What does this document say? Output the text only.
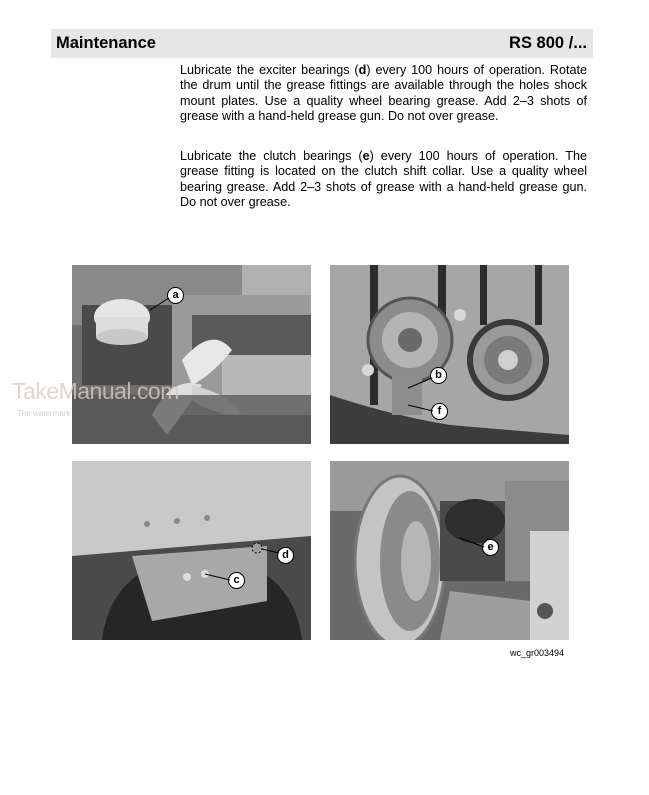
Maintenance	RS 800 /...

Lubricate the exciter bearings (d) every 100 hours of operation. Rotate the drum until the grease fittings are available through the holes shock mount plates. Use a quality wheel bearing grease. Add 2–3 shots of grease with a hand-held grease gun. Do not over grease.

Lubricate the clutch bearings (e) every 100 hours of operation. The grease fitting is located on the clutch shift collar. Use a quality wheel bearing grease. Add 2–3 shots of grease with a hand-held grease gun. Do not over grease.

TakeManual.com
The watermark
a
b
f
d
c
e
wc_gr003494
